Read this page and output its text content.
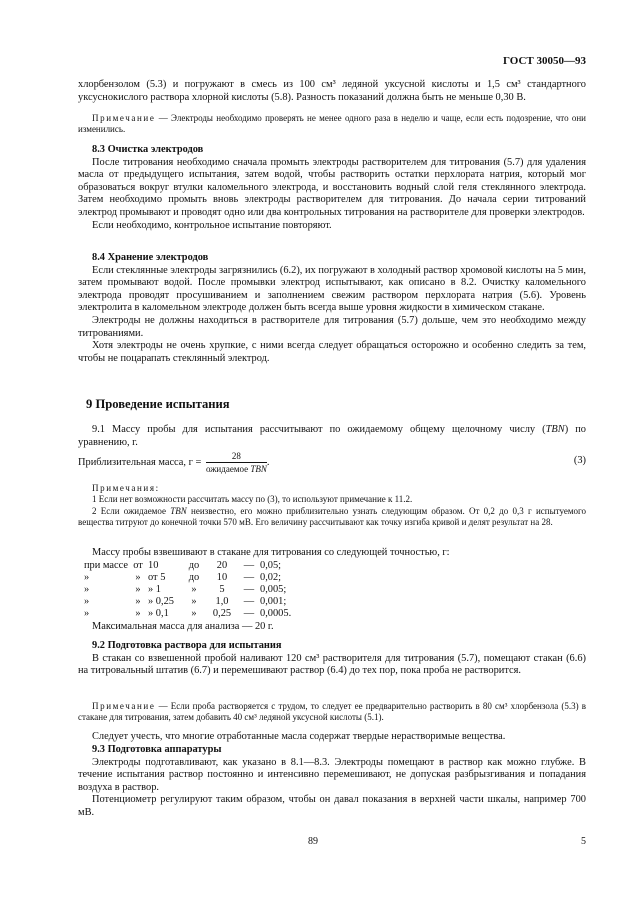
ГОСТ 30050—93

хлорбензолом (5.3) и погружают в смесь из 100 см³ ледяной уксусной кислоты и 1,5 см³ стандартного уксуснокислого раствора хлорной кислоты (5.8). Разность показаний должна быть не меньше 0,30 В.

Примечание — Электроды необходимо проверять не менее одного раза в неделю и чаще, если есть подозрение, что они изменились.

8.3 Очистка электродов

После титрования необходимо сначала промыть электроды растворителем для титрования (5.7) для удаления масла от предыдущего испытания, затем водой, чтобы растворить остатки перхлората натрия, который мог образоваться вокруг втулки каломельного электрода, и восстановить водный слой геля стеклянного электрода. Затем необходимо промыть вновь электроды растворителем для титрования. До начала серии титрований электрод промывают и проводят одно или два контрольных титрования на растворителе для проверки электродов.

Если необходимо, контрольное испытание повторяют.

8.4 Хранение электродов

Если стеклянные электроды загрязнились (6.2), их погружают в холодный раствор хромовой кислоты на 5 мин, затем промывают водой. После промывки электрод испытывают, как описано в 8.2. Очистку каломельного электрода проводят просушиванием и заполнением свежим раствором перхлората натрия (5.6). Уровень электролита в каломельном электроде должен быть всегда выше уровня жидкости в химическом стакане.

Электроды не должны находиться в растворителе для титрования (5.7) дольше, чем это необходимо между титрованиями.

Хотя электроды не очень хрупкие, с ними всегда следует обращаться осторожно и особенно следить за тем, чтобы не поцарапать стеклянный электрод.

9 Проведение испытания

9.1 Массу пробы для испытания рассчитывают по ожидаемому общему щелочному числу (TBN) по уравнению, г.

Приблизительная масса, $г = \frac{28}{\text{ожидаемое TBN}}$ .	(3)

Примечания:

1 Если нет возможности рассчитать массу по (3), то используют примечание к 11.2.

2 Если ожидаемое TBN неизвестно, его можно приблизительно узнать следующим образом. От 0,2 до 0,3 г испытуемого вещества титруют до конечной точки 570 мВ. Его величину рассчитывают как точку изгиба кривой и делят результат на 28.

Массу пробы взвешивают в стакане для титрования со следующей точностью, г:

при массе	от	10	до	20	—	0,05;
»	»	от 5	до	10	—	0,02;
»	»	» 1	»	5	—	0,005;
»	»	» 0,25	»	1,0	—	0,001;
»	»	» 0,1	»	0,25	—	0,0005.

Максимальная масса для анализа — 20 г.

9.2 Подготовка раствора для испытания

В стакан со взвешенной пробой наливают 120 см³ растворителя для титрования (5.7), помещают стакан (6.6) на титровальный штатив (6.7) и перемешивают раствор (6.4) до тех пор, пока проба не растворится.

Примечание — Если проба растворяется с трудом, то следует ее предварительно растворить в 80 см³ хлорбензола (5.3) в стакане для титрования, затем добавить 40 см³ ледяной уксусной кислоты (5.1).

Следует учесть, что многие отработанные масла содержат твердые нерастворимые вещества.

9.3 Подготовка аппаратуры

Электроды подготавливают, как указано в 8.1—8.3. Электроды помещают в раствор как можно глубже. В течение испытания раствор постоянно и интенсивно перемешивают, не допуская разбрызгивания и попадания воздуха в раствор.

Потенциометр регулируют таким образом, чтобы он давал показания в верхней части шкалы, например 700 мВ.

89	5
